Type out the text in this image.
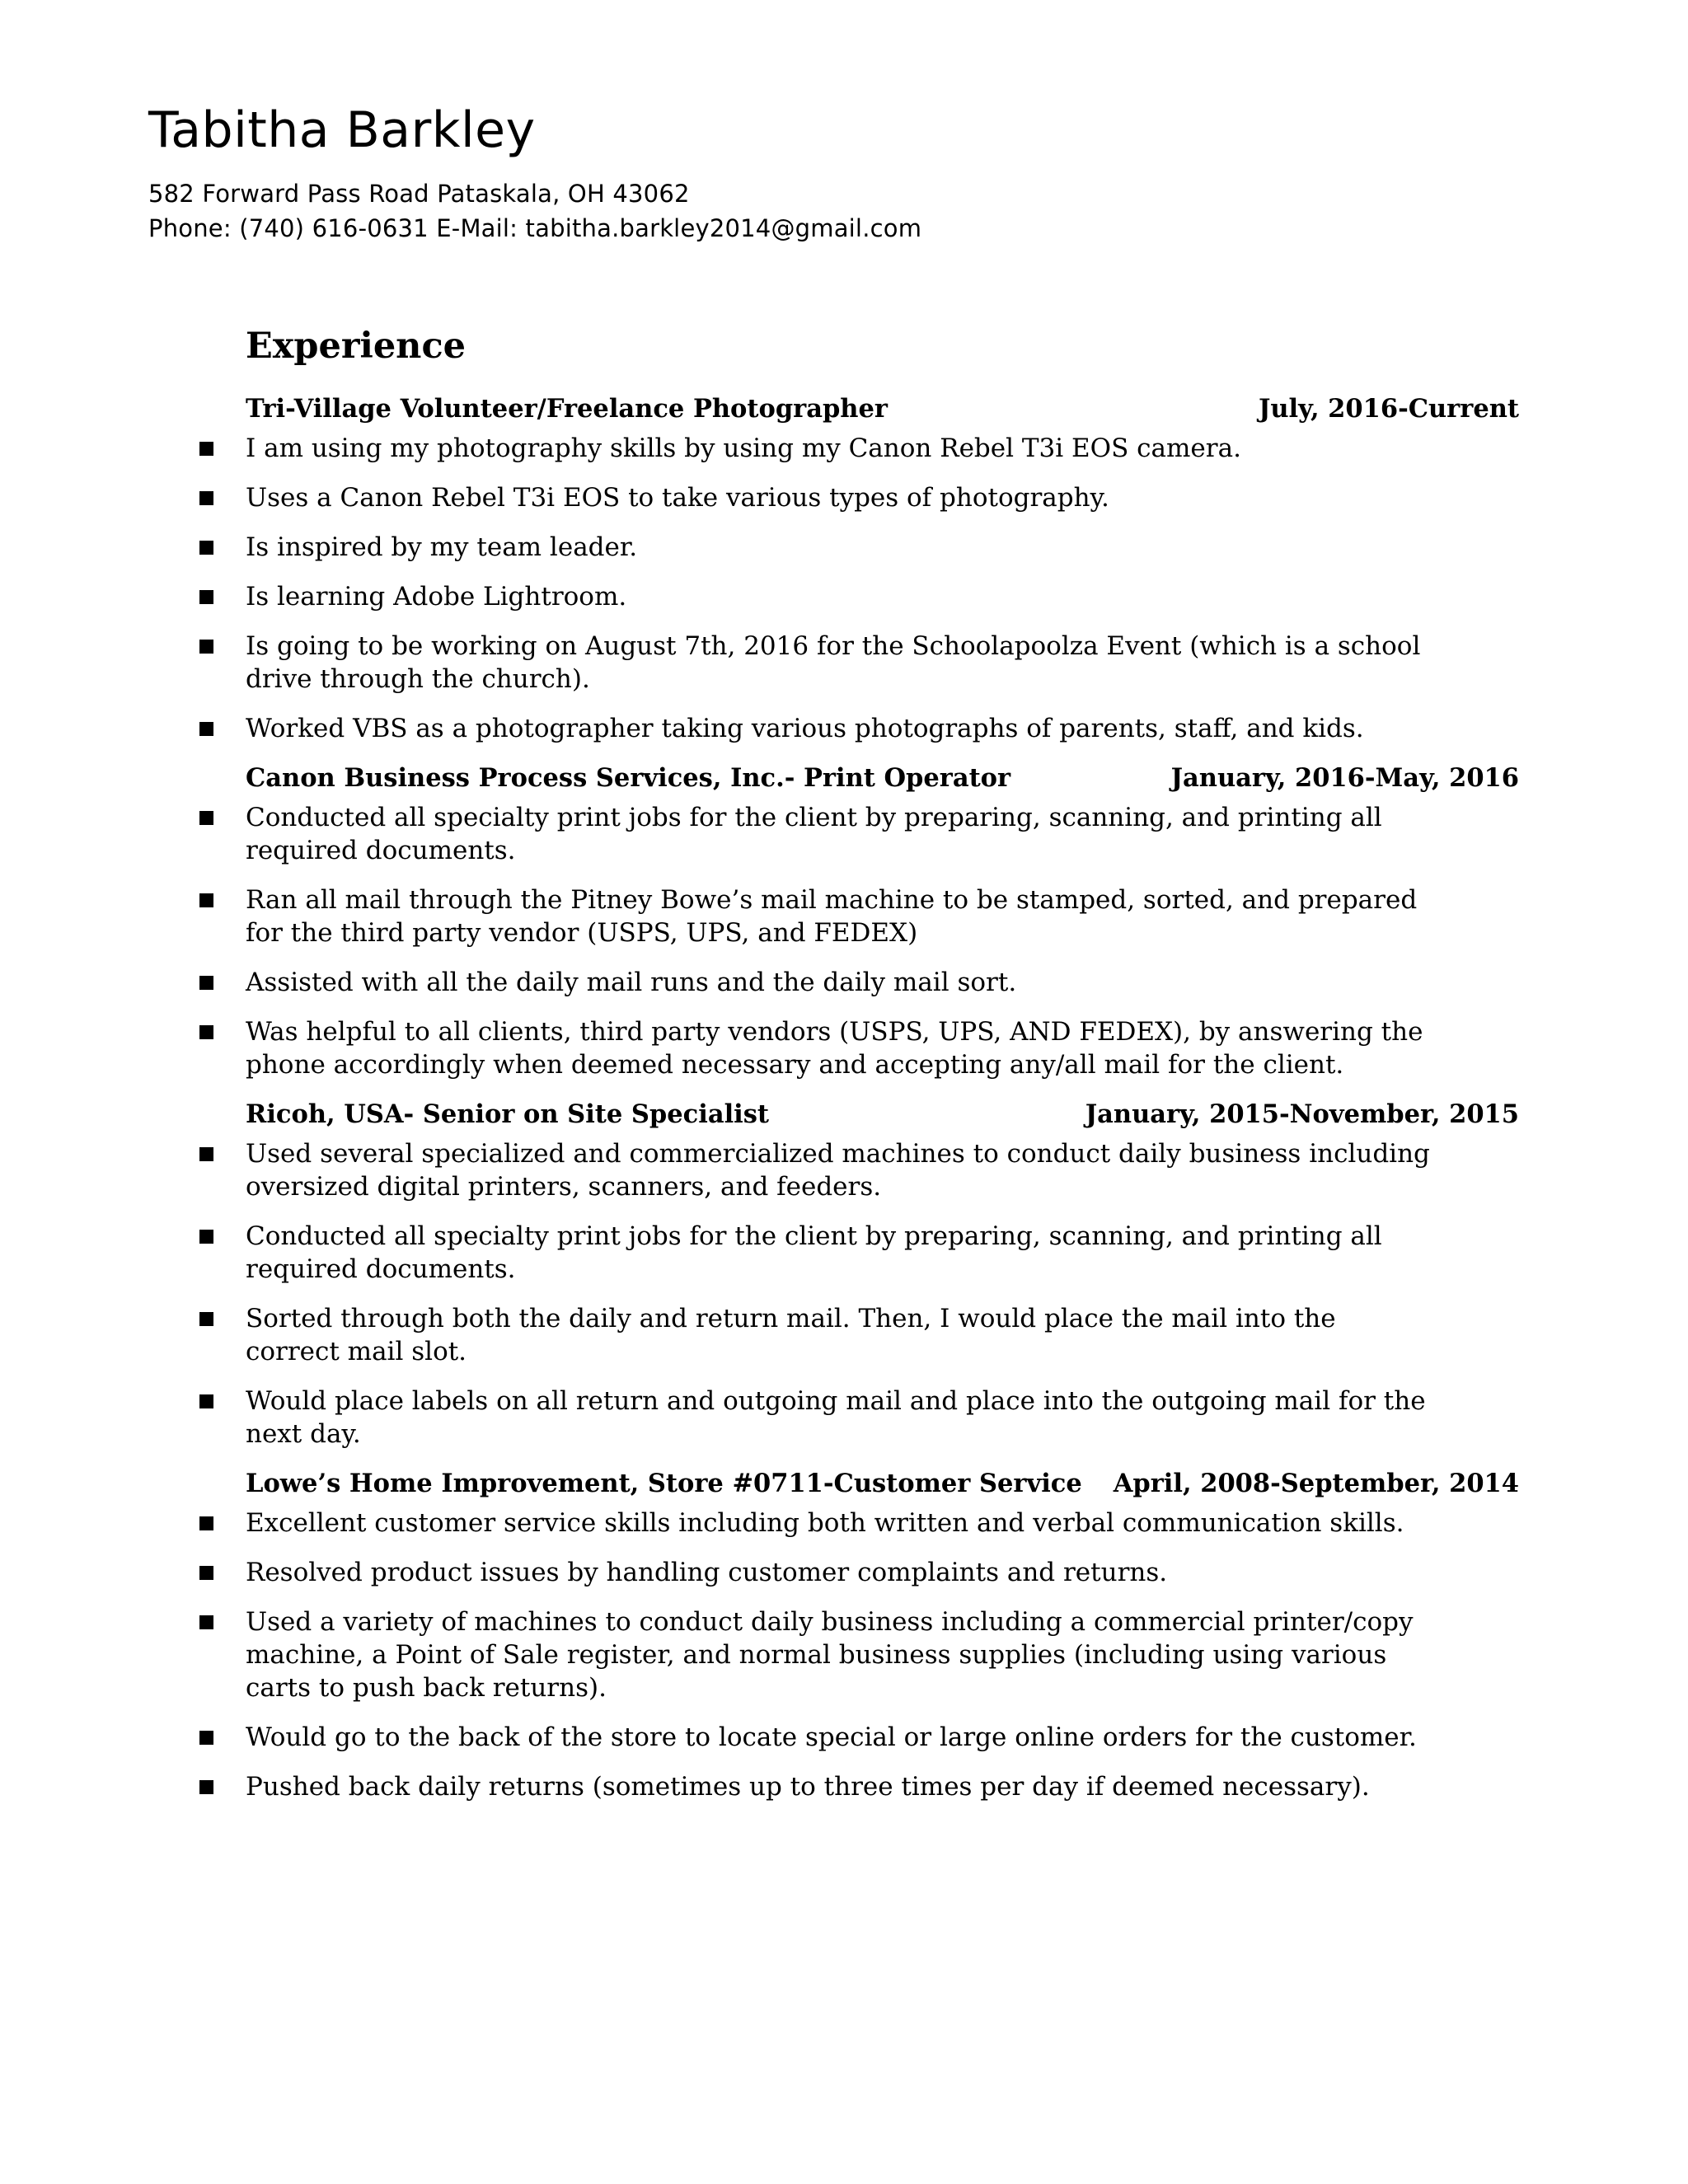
Tabitha Barkley

582 Forward Pass Road Pataskala, OH 43062

Phone: (740) 616-0631 E-Mail: tabitha.barkley2014@gmail.com

Experience
Tri-Village Volunteer/Freelance Photographer	July, 2016-Current
I am using my photography skills by using my Canon Rebel T3i EOS camera.
Uses a Canon Rebel T3i EOS to take various types of photography.
Is inspired by my team leader.
Is learning Adobe Lightroom.
Is going to be working on August 7th, 2016 for the Schoolapoolza Event (which is a school drive through the church).
Worked VBS as a photographer taking various photographs of parents, staff, and kids.
Canon Business Process Services, Inc.- Print Operator	January, 2016-May, 2016
Conducted all specialty print jobs for the client by preparing, scanning, and printing all required documents.
Ran all mail through the Pitney Bowe’s mail machine to be stamped, sorted, and prepared for the third party vendor (USPS, UPS, and FEDEX)
Assisted with all the daily mail runs and the daily mail sort.
Was helpful to all clients, third party vendors (USPS, UPS, AND FEDEX), by answering the phone accordingly when deemed necessary and accepting any/all mail for the client.
Ricoh, USA- Senior on Site Specialist	January, 2015-November, 2015
Used several specialized and commercialized machines to conduct daily business including oversized digital printers, scanners, and feeders.
Conducted all specialty print jobs for the client by preparing, scanning, and printing all required documents.
Sorted through both the daily and return mail. Then, I would place the mail into the correct mail slot.
Would place labels on all return and outgoing mail and place into the outgoing mail for the next day.
Lowe’s Home Improvement, Store #0711-Customer Service April, 2008-September, 2014
Excellent customer service skills including both written and verbal communication skills.
Resolved product issues by handling customer complaints and returns.
Used a variety of machines to conduct daily business including a commercial printer/copy machine, a Point of Sale register, and normal business supplies (including using various carts to push back returns).
Would go to the back of the store to locate special or large online orders for the customer.
Pushed back daily returns (sometimes up to three times per day if deemed necessary).
